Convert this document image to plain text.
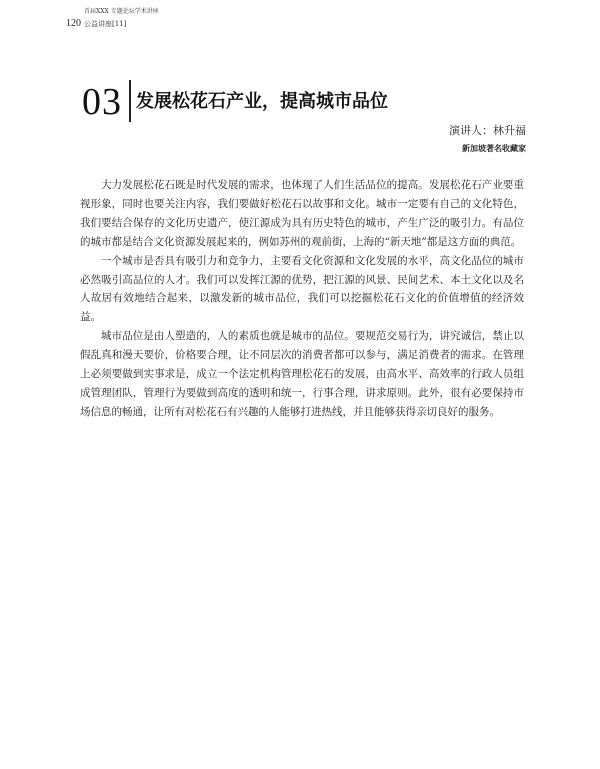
首届XXX 专题论坛学术讲座
120 公益讲座[11]
03 发展松花石产业，提高城市品位
演讲人：林升福
新加坡著名收藏家

大力发展松花石既是时代发展的需求，也体现了人们生活品位的提高。发展松花石产业要重视形象，同时也要关注内容，我们要做好松花石以故事和文化。城市一定要有自己的文化特色，我们要结合保存的文化历史遗产，使江源成为具有历史特色的城市，产生广泛的吸引力。有品位的城市都是结合文化资源发展起来的，例如苏州的观前街，上海的“新天地”都是这方面的典范。

一个城市是否具有吸引力和竞争力，主要看文化资源和文化发展的水平，高文化品位的城市必然吸引高品位的人才。我们可以发挥江源的优势，把江源的风景、民间艺术、本土文化以及名人故居有效地结合起来，以激发新的城市品位，我们可以挖掘松花石文化的价值增值的经济效益。

城市品位是由人塑造的，人的素质也就是城市的品位。要规范交易行为，讲究诚信，禁止以假乱真和漫天要价，价格要合理，让不同层次的消费者都可以参与，满足消费者的需求。在管理上必须要做到实事求是，成立一个法定机构管理松花石的发展，由高水平、高效率的行政人员组成管理团队，管理行为要做到高度的透明和统一，行事合理，讲求原则。此外，很有必要保持市场信息的畅通，让所有对松花石有兴趣的人能够打进热线，并且能够获得亲切良好的服务。
